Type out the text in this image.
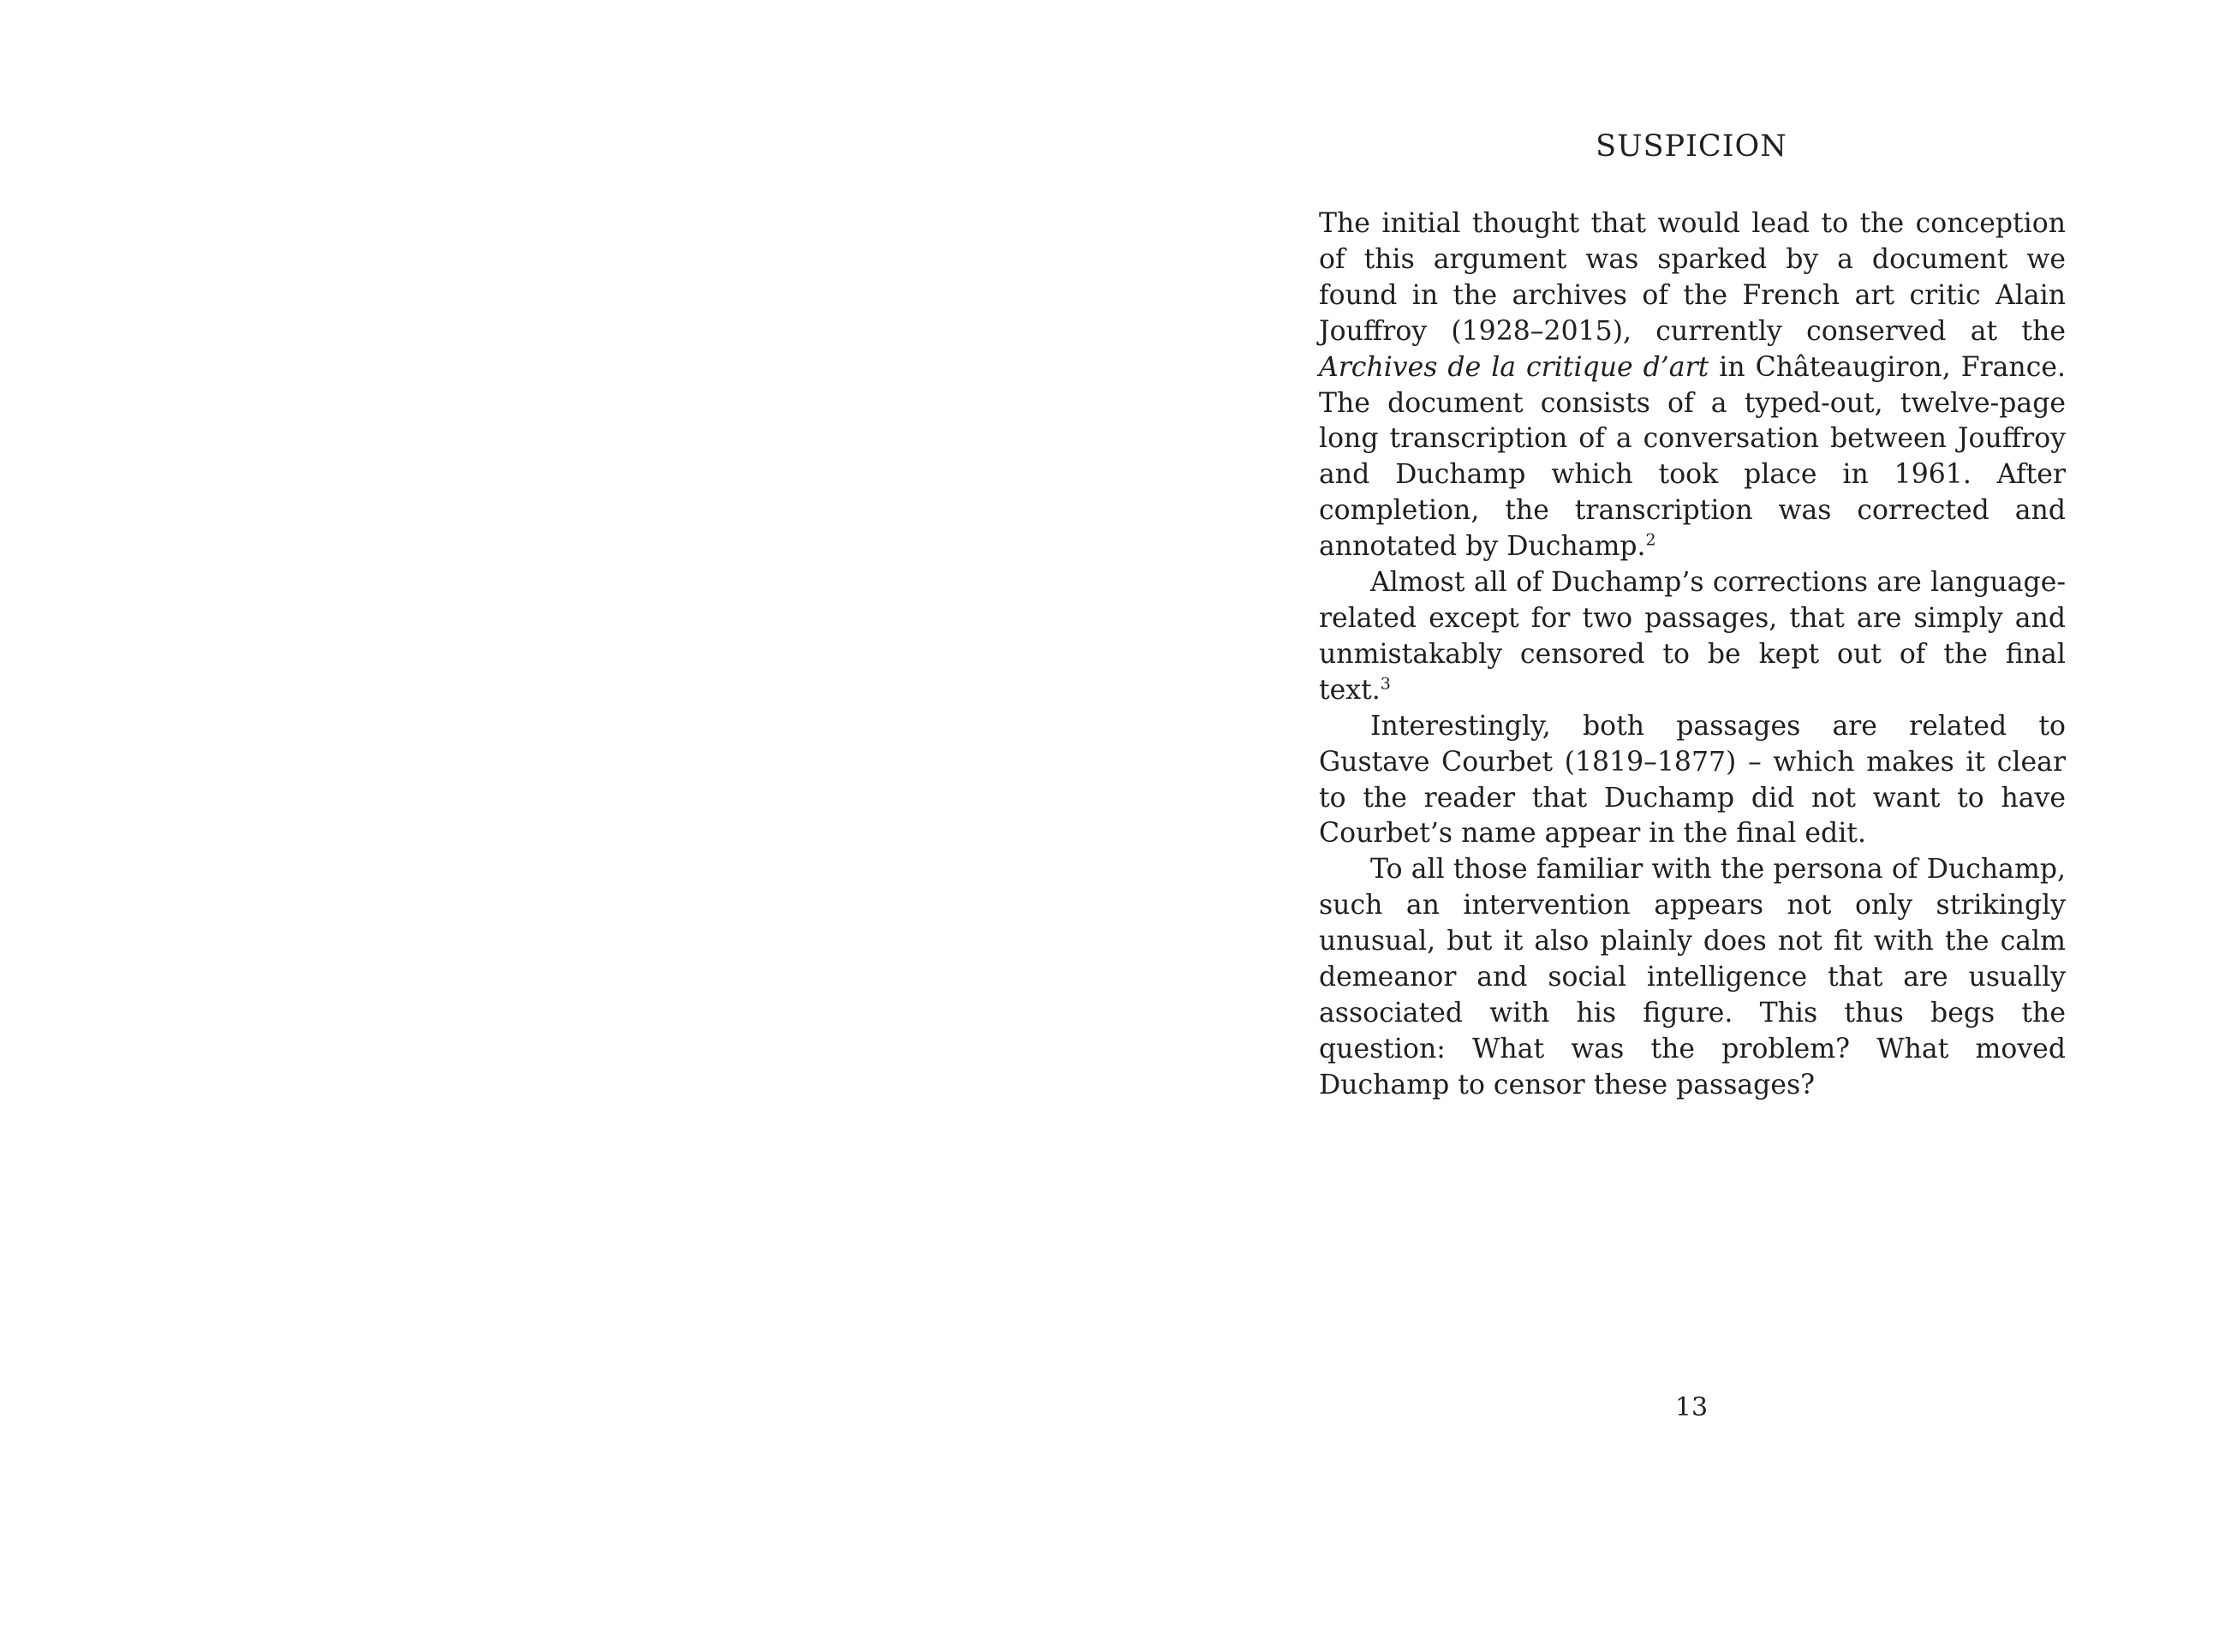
SUSPICION

The initial thought that would lead to the conception of this argument was sparked by a document we found in the archives of the French art critic Alain Jouffroy (1928–2015), currently conserved at the Archives de la critique d’art in Châteaugiron, France. The document consists of a typed-out, twelve-page long transcription of a conversation between Jouffroy and Duchamp which took place in 1961. After completion, the transcription was corrected and annotated by Duchamp.$^2$

Almost all of Duchamp’s corrections are language-related except for two passages, that are simply and unmistakably censored to be kept out of the final text.$^3$

Interestingly, both passages are related to Gustave Courbet (1819–1877) – which makes it clear to the reader that Duchamp did not want to have Courbet’s name appear in the final edit.

To all those familiar with the persona of Duchamp, such an intervention appears not only strikingly unusual, but it also plainly does not fit with the calm demeanor and social intelligence that are usually associated with his figure. This thus begs the question: What was the problem? What moved Duchamp to censor these passages?

13
